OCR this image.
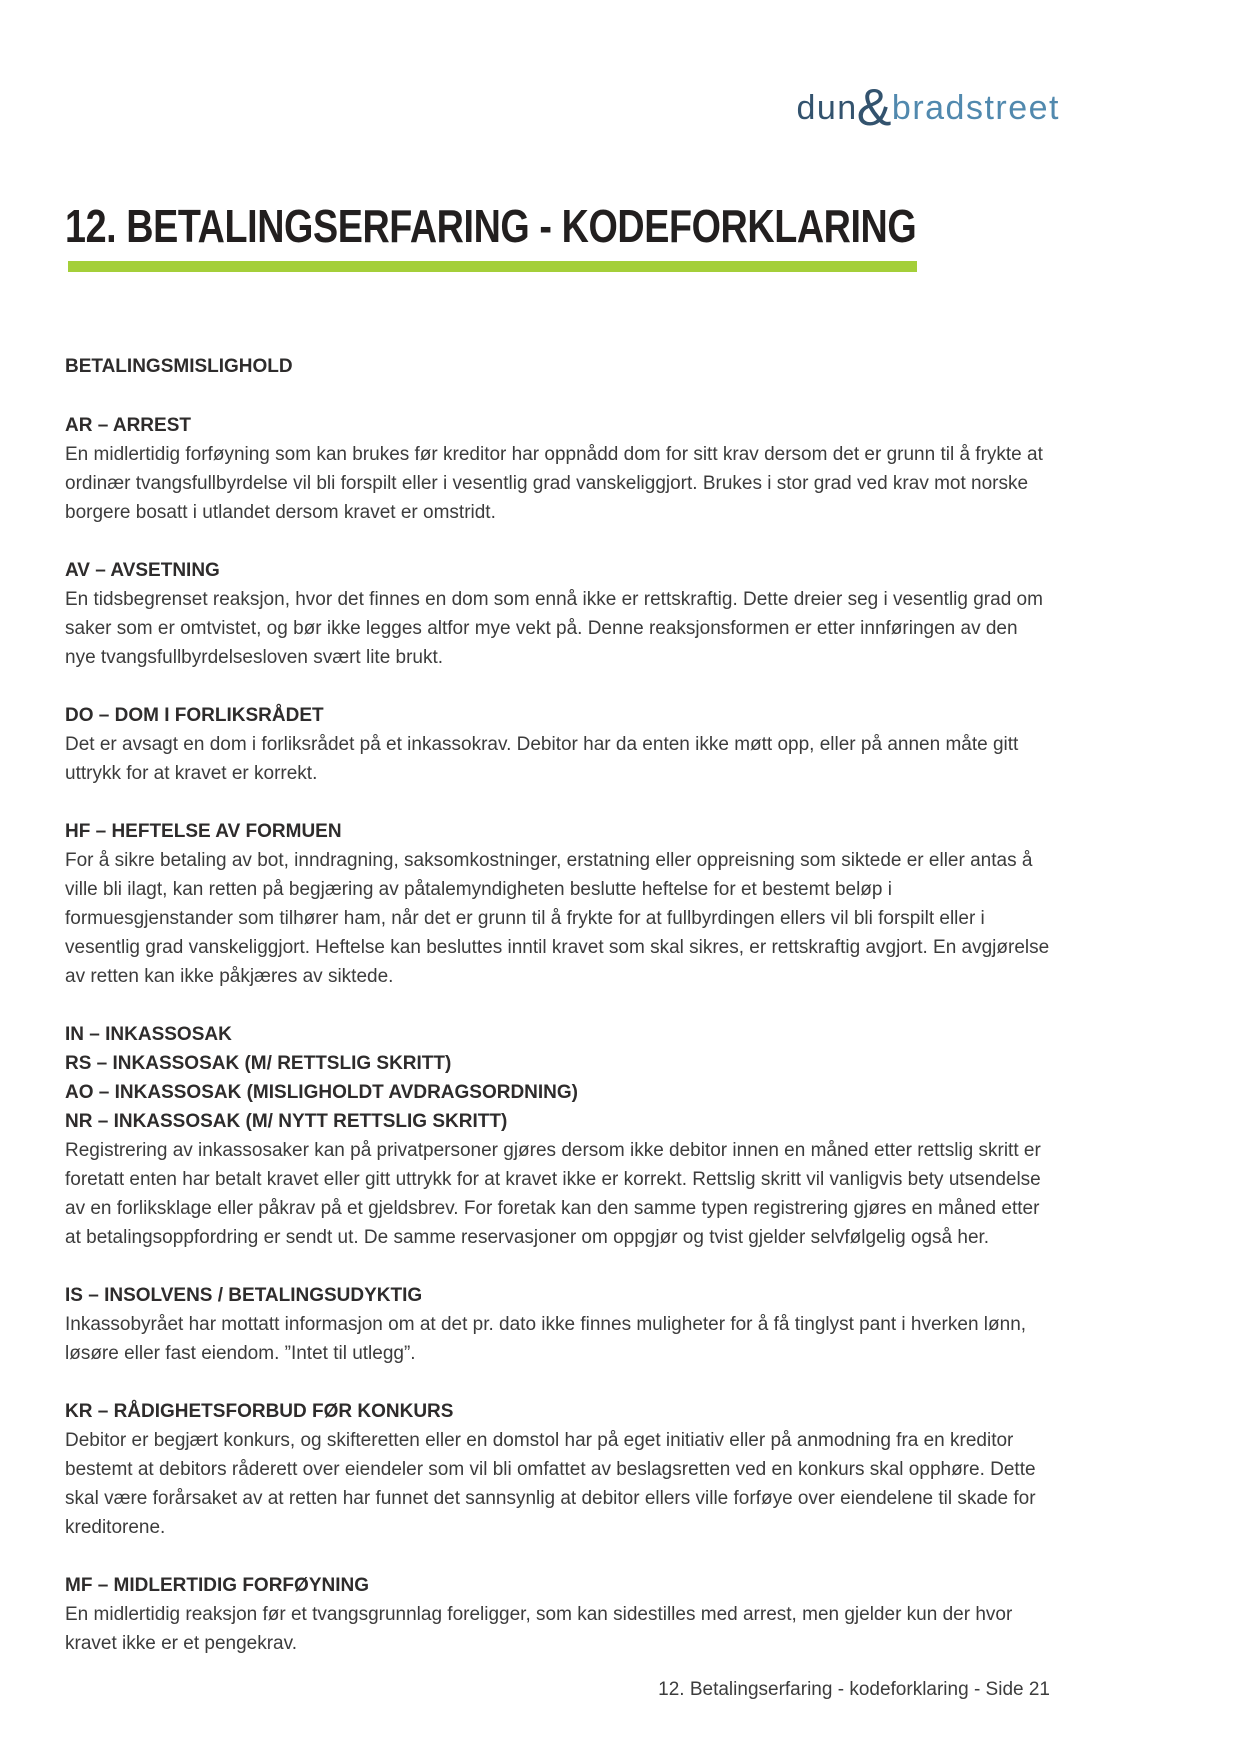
dun&bradstreet
12. BETALINGSERFARING - KODEFORKLARING
BETALINGSMISLIGHOLD
AR – ARREST

En midlertidig forføyning som kan brukes før kreditor har oppnådd dom for sitt krav dersom det er grunn til å frykte at ordinær tvangsfullbyrdelse vil bli forspilt eller i vesentlig grad vanskeliggjort. Brukes i stor grad ved krav mot norske borgere bosatt i utlandet dersom kravet er omstridt.

AV – AVSETNING

En tidsbegrenset reaksjon, hvor det finnes en dom som ennå ikke er rettskraftig. Dette dreier seg i vesentlig grad om saker som er omtvistet, og bør ikke legges altfor mye vekt på. Denne reaksjonsformen er etter innføringen av den nye tvangsfullbyrdelsesloven svært lite brukt.

DO – DOM I FORLIKSRÅDET

Det er avsagt en dom i forliksrådet på et inkassokrav. Debitor har da enten ikke møtt opp, eller på annen måte gitt uttrykk for at kravet er korrekt.

HF – HEFTELSE AV FORMUEN

For å sikre betaling av bot, inndragning, saksomkostninger, erstatning eller oppreisning som siktede er eller antas å ville bli ilagt, kan retten på begjæring av påtalemyndigheten beslutte heftelse for et bestemt beløp i formuesgjenstander som tilhører ham, når det er grunn til å frykte for at fullbyrdingen ellers vil bli forspilt eller i vesentlig grad vanskeliggjort. Heftelse kan besluttes inntil kravet som skal sikres, er rettskraftig avgjort. En avgjørelse av retten kan ikke påkjæres av siktede.

IN – INKASSOSAK
RS – INKASSOSAK (M/ RETTSLIG SKRITT)
AO – INKASSOSAK (MISLIGHOLDT AVDRAGSORDNING)
NR – INKASSOSAK (M/ NYTT RETTSLIG SKRITT)

Registrering av inkassosaker kan på privatpersoner gjøres dersom ikke debitor innen en måned etter rettslig skritt er foretatt enten har betalt kravet eller gitt uttrykk for at kravet ikke er korrekt. Rettslig skritt vil vanligvis bety utsendelse av en forliksklage eller påkrav på et gjeldsbrev. For foretak kan den samme typen registrering gjøres en måned etter at betalingsoppfordring er sendt ut. De samme reservasjoner om oppgjør og tvist gjelder selvfølgelig også her.

IS – INSOLVENS / BETALINGSUDYKTIG

Inkassobyrået har mottatt informasjon om at det pr. dato ikke finnes muligheter for å få tinglyst pant i hverken lønn, løsøre eller fast eiendom. ”Intet til utlegg”.

KR – RÅDIGHETSFORBUD FØR KONKURS

Debitor er begjært konkurs, og skifteretten eller en domstol har på eget initiativ eller på anmodning fra en kreditor bestemt at debitors råderett over eiendeler som vil bli omfattet av beslagsretten ved en konkurs skal opphøre. Dette skal være forårsaket av at retten har funnet det sannsynlig at debitor ellers ville forføye over eiendelene til skade for kreditorene.

MF – MIDLERTIDIG FORFØYNING

En midlertidig reaksjon før et tvangsgrunnlag foreligger, som kan sidestilles med arrest, men gjelder kun der hvor kravet ikke er et pengekrav.

12. Betalingserfaring - kodeforklaring - Side 21
